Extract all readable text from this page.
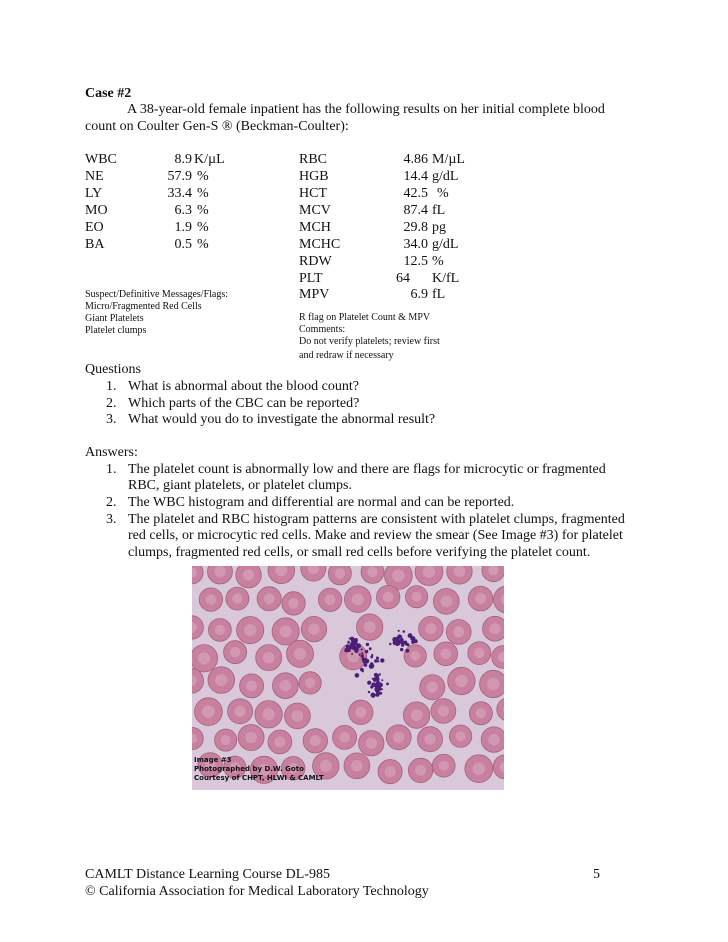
Case #2
A 38-year-old female inpatient has the following results on her initial complete blood
count on Coulter Gen-S ® (Beckman-Coulter):
WBC	8.9 K/µL
NE	57.9 %
LY	33.4 %
MO	6.3 %
EO	1.9 %
BA	0.5 %
RBC	4.86 M/µL
HGB	14.4 g/dL
HCT	42.5 %
MCV	87.4 fL
MCH	29.8 pg
MCHC	34.0 g/dL
RDW	12.5 %
PLT	64 K/fL
MPV	6.9 fL
Suspect/Definitive Messages/Flags:
Micro/Fragmented Red Cells
Giant Platelets
Platelet clumps
R flag on Platelet Count & MPV
Comments:
Do not verify platelets; review first
and redraw if necessary
Questions
1. What is abnormal about the blood count?
2. Which parts of the CBC can be reported?
3. What would you do to investigate the abnormal result?
Answers:
1. The platelet count is abnormally low and there are flags for microcytic or fragmented
RBC, giant platelets, or platelet clumps.
2. The WBC histogram and differential are normal and can be reported.
3. The platelet and RBC histogram patterns are consistent with platelet clumps, fragmented
red cells, or microcytic red cells. Make and review the smear (See Image #3) for platelet
clumps, fragmented red cells, or small red cells before verifying the platelet count.
Image #3
Photographed by D.W. Goto
Courtesy of CHPT, HLWI & CAMLT
CAMLT Distance Learning Course DL-985	5
© California Association for Medical Laboratory Technology
